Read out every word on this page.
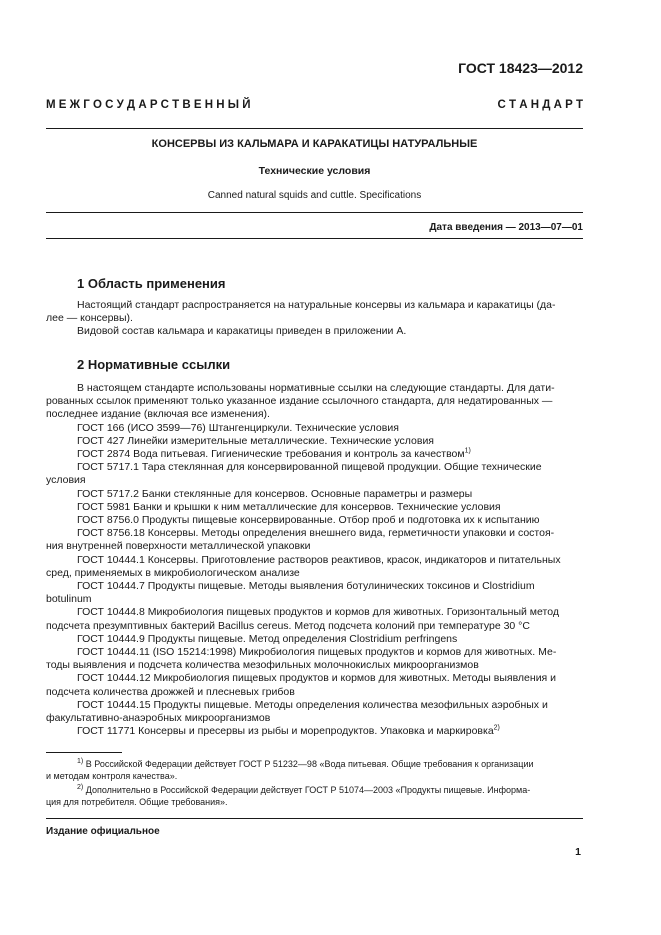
ГОСТ 18423—2012
М Е Ж Г О С У Д А Р С Т В Е Н Н Ы Й	С Т А Н Д А Р Т
КОНСЕРВЫ ИЗ КАЛЬМАРА И КАРАКАТИЦЫ НАТУРАЛЬНЫЕ
Технические условия
Canned natural squids and cuttle. Specifications
Дата введения — 2013—07—01
1 Область применения
Настоящий стандарт распространяется на натуральные консервы из кальмара и каракатицы (да-
лее — консервы).
Видовой состав кальмара и каракатицы приведен в приложении А.
2 Нормативные ссылки
В настоящем стандарте использованы нормативные ссылки на следующие стандарты. Для дати-
рованных ссылок применяют только указанное издание ссылочного стандарта, для недатированных —
последнее издание (включая все изменения).
ГОСТ 166 (ИСО 3599—76) Штангенциркули. Технические условия
ГОСТ 427 Линейки измерительные металлические. Технические условия
ГОСТ 2874 Вода питьевая. Гигиенические требования и контроль за качеством$^{1)}$
ГОСТ 5717.1 Тара стеклянная для консервированной пищевой продукции. Общие технические
условия
ГОСТ 5717.2 Банки стеклянные для консервов. Основные параметры и размеры
ГОСТ 5981 Банки и крышки к ним металлические для консервов. Технические условия
ГОСТ 8756.0 Продукты пищевые консервированные. Отбор проб и подготовка их к испытанию
ГОСТ 8756.18 Консервы. Методы определения внешнего вида, герметичности упаковки и состоя-
ния внутренней поверхности металлической упаковки
ГОСТ 10444.1 Консервы. Приготовление растворов реактивов, красок, индикаторов и питательных
сред, применяемых в микробиологическом анализе
ГОСТ 10444.7 Продукты пищевые. Методы выявления ботулинических токсинов и Clostridium
botulinum
ГОСТ 10444.8 Микробиология пищевых продуктов и кормов для животных. Горизонтальный метод
подсчета презумптивных бактерий Bacillus cereus. Метод подсчета колоний при температуре 30 °С
ГОСТ 10444.9 Продукты пищевые. Метод определения Clostridium perfringens
ГОСТ 10444.11 (ISO 15214:1998) Микробиология пищевых продуктов и кормов для животных. Ме-
тоды выявления и подсчета количества мезофильных молочнокислых микроорганизмов
ГОСТ 10444.12 Микробиология пищевых продуктов и кормов для животных. Методы выявления и
подсчета количества дрожжей и плесневых грибов
ГОСТ 10444.15 Продукты пищевые. Методы определения количества мезофильных аэробных и
факультативно-анаэробных микроорганизмов
ГОСТ 11771 Консервы и пресервы из рыбы и морепродуктов. Упаковка и маркировка$^{2)}$
$^{1)}$ В Российской Федерации действует ГОСТ Р 51232—98 «Вода питьевая. Общие требования к организации
и методам контроля качества».
$^{2)}$ Дополнительно в Российской Федерации действует ГОСТ Р 51074—2003 «Продукты пищевые. Информа-
ция для потребителя. Общие требования».
Издание официальное
1
